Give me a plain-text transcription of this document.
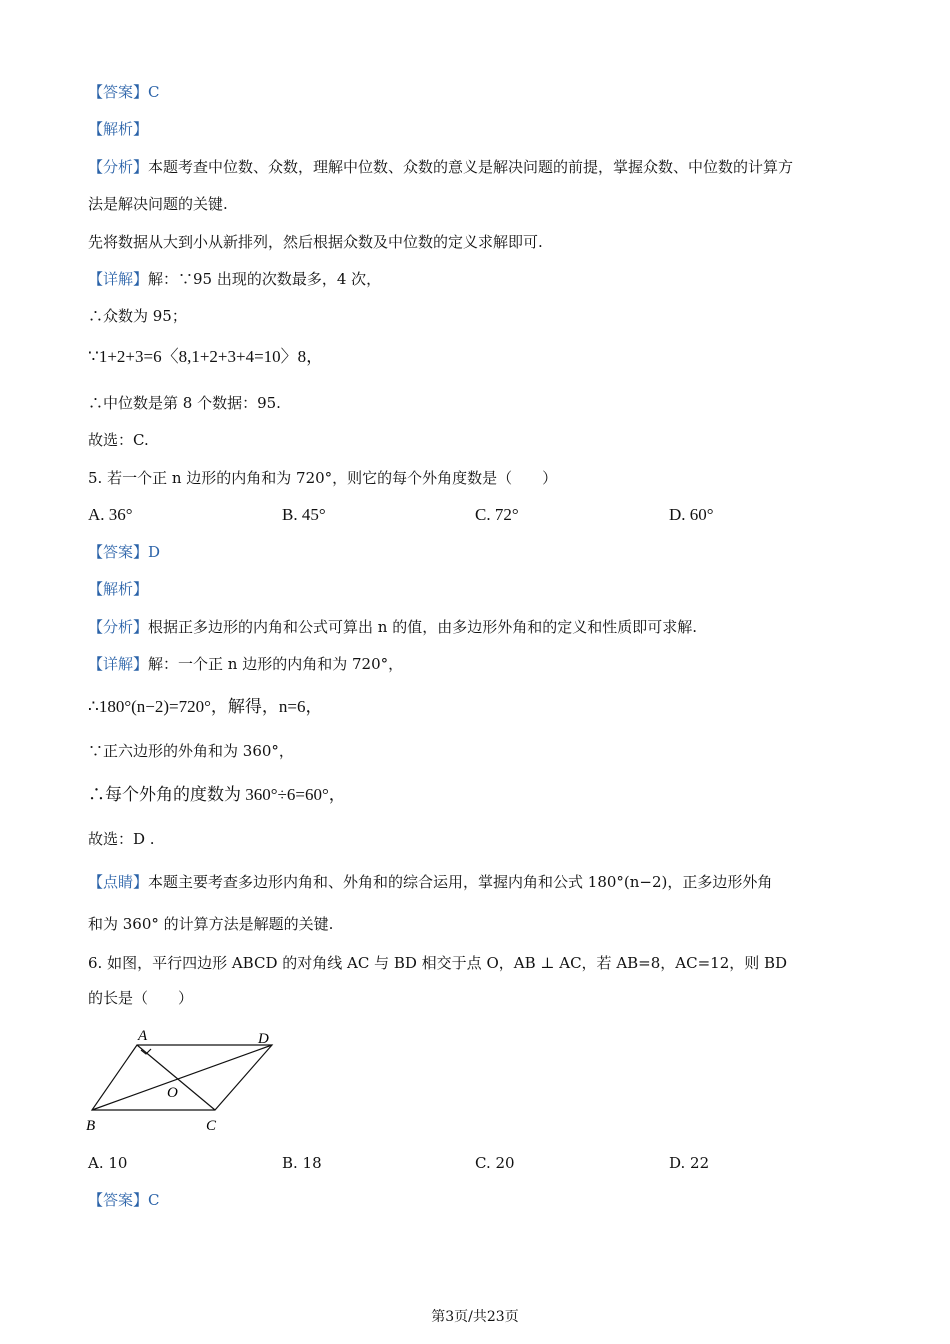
【答案】C
【解析】
【分析】本题考查中位数、众数，理解中位数、众数的意义是解决问题的前提，掌握众数、中位数的计算方
法是解决问题的关键.
先将数据从大到小从新排列，然后根据众数及中位数的定义求解即可.
【详解】解：∵95 出现的次数最多，4 次，
∴众数为 95；
∵1+2+3=6〈8,1+2+3+4=10〉8，
∴中位数是第 8 个数据：95.
故选：C.
5. 若一个正 n 边形的内角和为 720°，则它的每个外角度数是（　　）
A. 36°	B. 45°	C. 72°	D. 60°
【答案】D
【解析】
【分析】根据正多边形的内角和公式可算出 n 的值，由多边形外角和的定义和性质即可求解.
【详解】解：一个正 n 边形的内角和为 720°，
∴180°(n−2)=720°，解得，n=6，
∵正六边形的外角和为 360°，
∴每个外角的度数为 360°÷6=60°，
故选：D .
【点睛】本题主要考查多边形内角和、外角和的综合运用，掌握内角和公式 180°(n−2)，正多边形外角
和为 360° 的计算方法是解题的关键.
6. 如图，平行四边形 ABCD 的对角线 AC 与 BD 相交于点 O，AB ⊥ AC，若 AB=8，AC=12，则 BD
的长是（　　）
A	D
O
B	C
A. 10	B. 18	C. 20	D. 22
【答案】C
第3页/共23页
